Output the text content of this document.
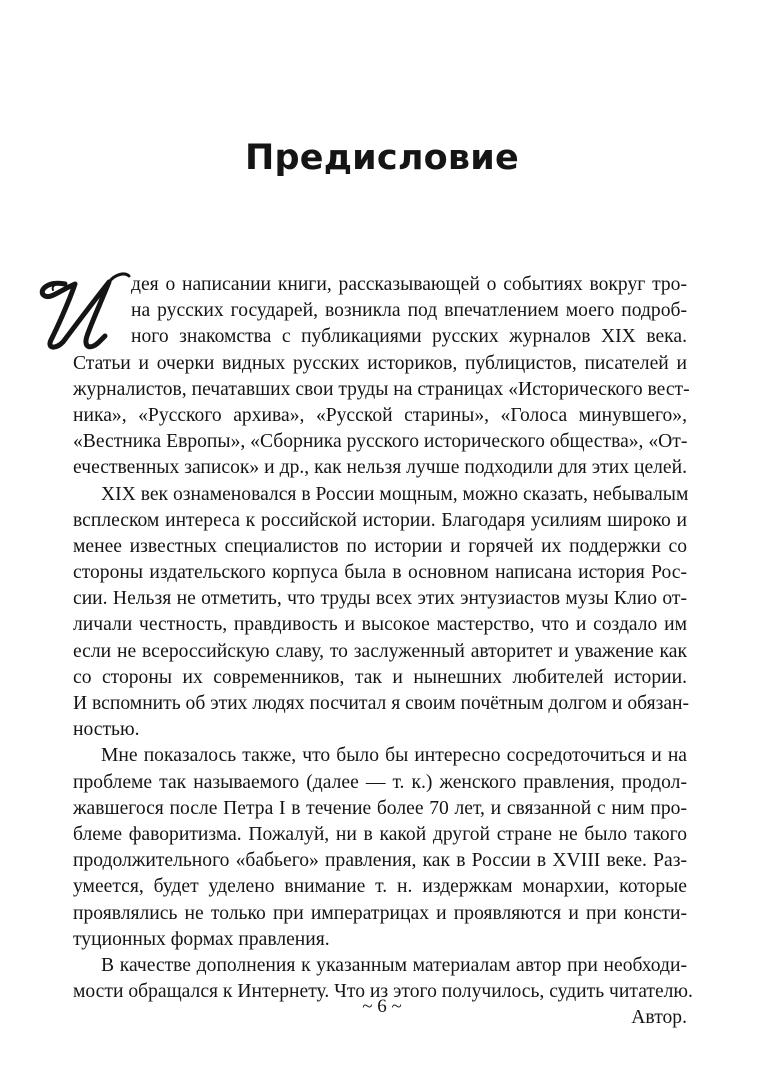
Предисловие
дея о написании книги, рассказывающей о событиях вокруг тро-
на русских государей, возникла под впечатлением моего подроб-
ного знакомства с публикациями русских журналов XIX века.
Статьи и очерки видных русских историков, публицистов, писателей и
журналистов, печатавших свои труды на страницах «Исторического вест-
ника», «Русского архива», «Русской старины», «Голоса минувшего»,
«Вестника Европы», «Сборника русского исторического общества», «От-
ечественных записок» и др., как нельзя лучше подходили для этих целей.
XIX век ознаменовался в России мощным, можно сказать, небывалым
всплеском интереса к российской истории. Благодаря усилиям широко и
менее известных специалистов по истории и горячей их поддержки со
стороны издательского корпуса была в основном написана история Рос-
сии. Нельзя не отметить, что труды всех этих энтузиастов музы Клио от-
личали честность, правдивость и высокое мастерство, что и создало им
если не всероссийскую славу, то заслуженный авторитет и уважение как
со стороны их современников, так и нынешних любителей истории.
И вспомнить об этих людях посчитал я своим почётным долгом и обязан-
ностью.
Мне показалось также, что было бы интересно сосредоточиться и на
проблеме так называемого (далее — т. к.) женского правления, продол-
жавшегося после Петра I в течение более 70 лет, и связанной с ним про-
блеме фаворитизма. Пожалуй, ни в какой другой стране не было такого
продолжительного «бабьего» правления, как в России в XVIII веке. Раз-
умеется, будет уделено внимание т. н. издержкам монархии, которые
проявлялись не только при императрицах и проявляются и при консти-
туционных формах правления.
В качестве дополнения к указанным материалам автор при необходи-
мости обращался к Интернету. Что из этого получилось, судить читателю.
Автор.
~ 6 ~
